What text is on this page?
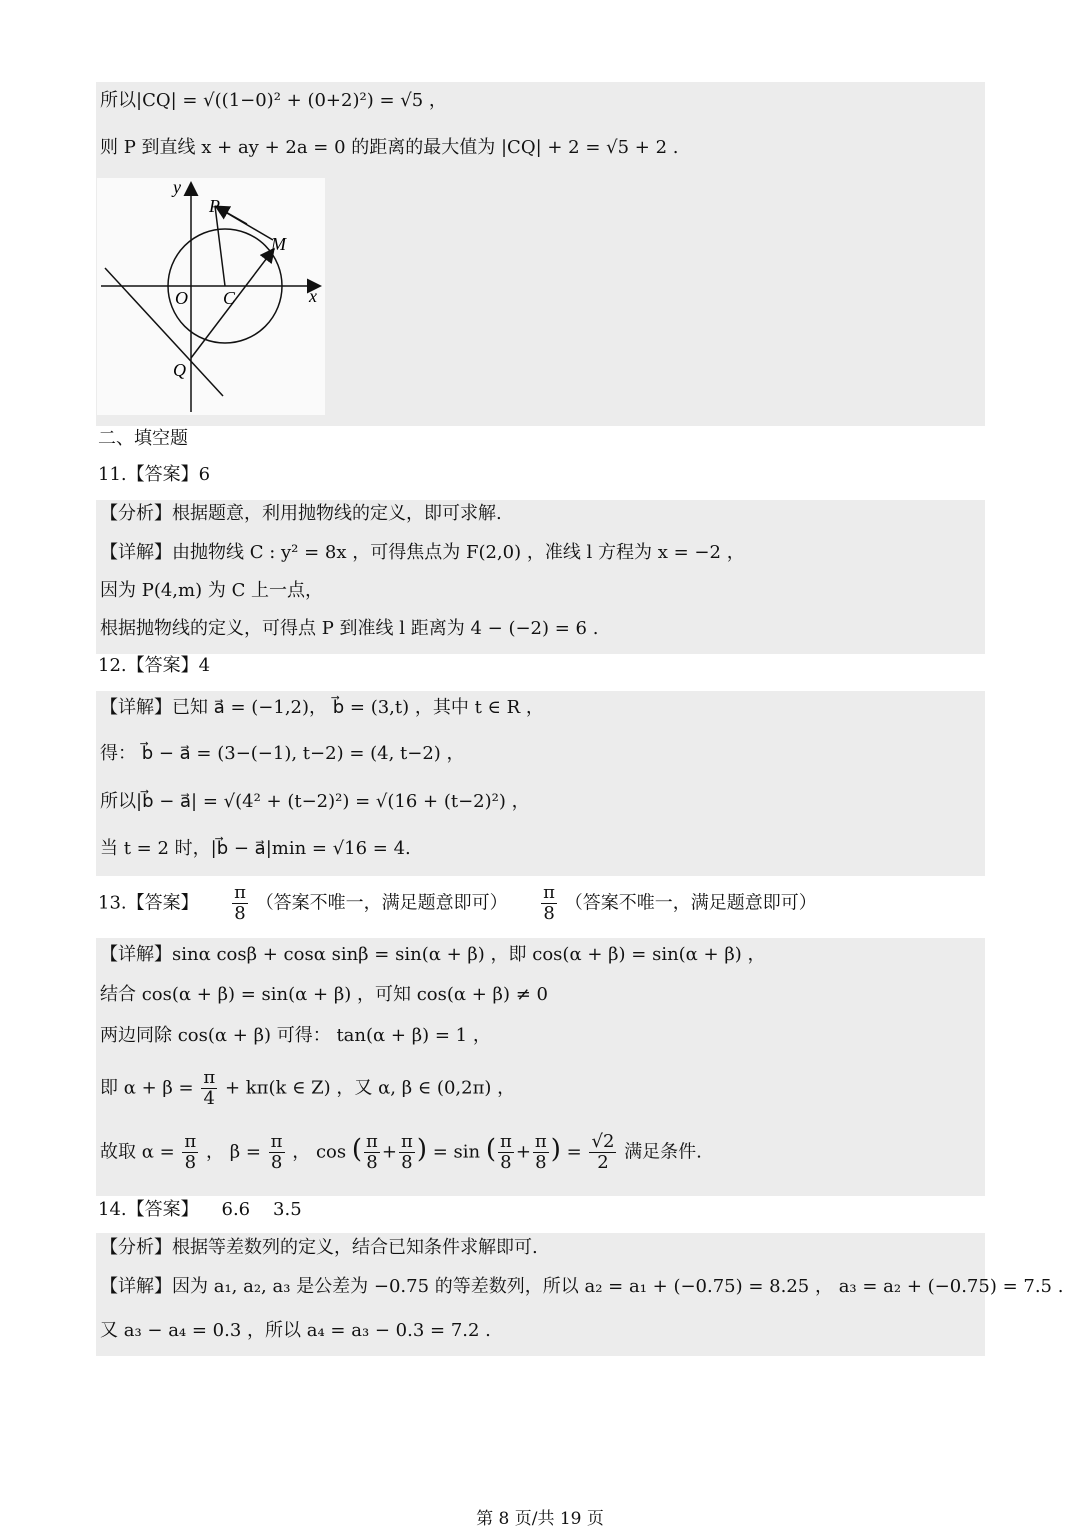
所以|CQ| = √((1−0)² + (0+2)²) = √5 ，
则 P 到直线 x + ay + 2a = 0 的距离的最大值为 |CQ| + 2 = √5 + 2 .
y
x
P
M
O C
Q
二、填空题
11.【答案】6
【分析】根据题意，利用抛物线的定义，即可求解.
【详解】由抛物线 C : y² = 8x ，可得焦点为 F(2,0) ，准线 l 方程为 x = −2 ，
因为 P(4,m) 为 C 上一点，
根据抛物线的定义，可得点 P 到准线 l 距离为 4 − (−2) = 6 .
12.【答案】4
【详解】已知 a⃗ = (−1,2)， b⃗ = (3,t) ，其中 t ∈ R ，
得： b⃗ − a⃗ = (3−(−1), t−2) = (4, t−2) ，
所以|b⃗ − a⃗| = √(4² + (t−2)²) = √(16 + (t−2)²) ，
当 t = 2 时，|b⃗ − a⃗|min = √16 = 4.
13.【答案】 $\frac{\pi}{8}$ （答案不唯一，满足题意即可） $\frac{\pi}{8}$ （答案不唯一，满足题意即可）
【详解】sinα cosβ + cosα sinβ = sin(α + β) ，即 cos(α + β) = sin(α + β) ，
结合 cos(α + β) = sin(α + β) ，可知 cos(α + β) ≠ 0
两边同除 cos(α + β) 可得： tan(α + β) = 1 ，
即 $\alpha + \beta = \frac{\pi}{4} + k\pi(k$ ∈ Z) ，又 α, β ∈ (0,2π) ，
故取 $\alpha = \frac{\pi}{8}$ ， $\beta = \frac{\pi}{8}$ ， cos ( $\frac{\pi}{8} + \frac{\pi}{8}$ ) = sin ( $\frac{\pi}{8} + \frac{\pi}{8}$ ) = $\frac{√2}{2}$ 满足条件.
14.【答案】    6.6    3.5
【分析】根据等差数列的定义，结合已知条件求解即可.
【详解】因为 a₁, a₂, a₃ 是公差为 −0.75 的等差数列，所以 a₂ = a₁ + (−0.75) = 8.25 ， a₃ = a₂ + (−0.75) = 7.5 .
又 a₃ − a₄ = 0.3 ，所以 a₄ = a₃ − 0.3 = 7.2 .
第 8 页/共 19 页
